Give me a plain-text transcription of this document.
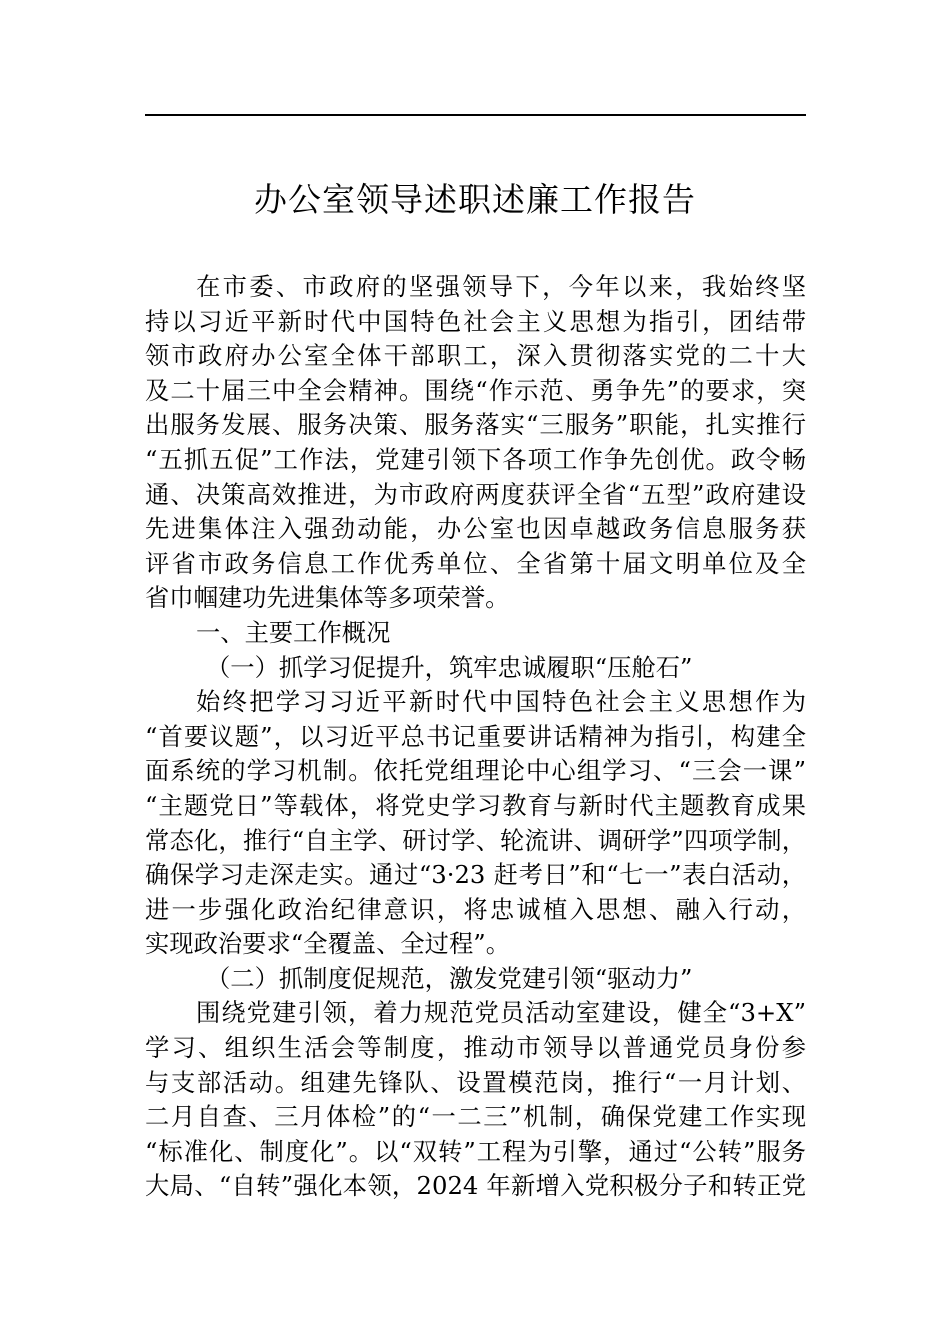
办公室领导述职述廉工作报告
在市委、市政府的坚强领导下，今年以来，我始终坚
持以习近平新时代中国特色社会主义思想为指引，团结带
领市政府办公室全体干部职工，深入贯彻落实党的二十大
及二十届三中全会精神。围绕“作示范、勇争先”的要求，突
出服务发展、服务决策、服务落实“三服务”职能，扎实推行
“五抓五促”工作法，党建引领下各项工作争先创优。政令畅
通、决策高效推进，为市政府两度获评全省“五型”政府建设
先进集体注入强劲动能，办公室也因卓越政务信息服务获
评省市政务信息工作优秀单位、全省第十届文明单位及全
省巾帼建功先进集体等多项荣誉。
一、主要工作概况
（一）抓学习促提升，筑牢忠诚履职“压舱石”
始终把学习习近平新时代中国特色社会主义思想作为
“首要议题”，以习近平总书记重要讲话精神为指引，构建全
面系统的学习机制。依托党组理论中心组学习、“三会一课”
“主题党日”等载体，将党史学习教育与新时代主题教育成果
常态化，推行“自主学、研讨学、轮流讲、调研学”四项学制，
确保学习走深走实。通过“3·23 赶考日”和“七一”表白活动，
进一步强化政治纪律意识，将忠诚植入思想、融入行动，
实现政治要求“全覆盖、全过程”。
（二）抓制度促规范，激发党建引领“驱动力”
围绕党建引领，着力规范党员活动室建设，健全“3+X”
学习、组织生活会等制度，推动市领导以普通党员身份参
与支部活动。组建先锋队、设置模范岗，推行“一月计划、
二月自查、三月体检”的“一二三”机制，确保党建工作实现
“标准化、制度化”。以“双转”工程为引擎，通过“公转”服务
大局、“自转”强化本领，2024 年新增入党积极分子和转正党
